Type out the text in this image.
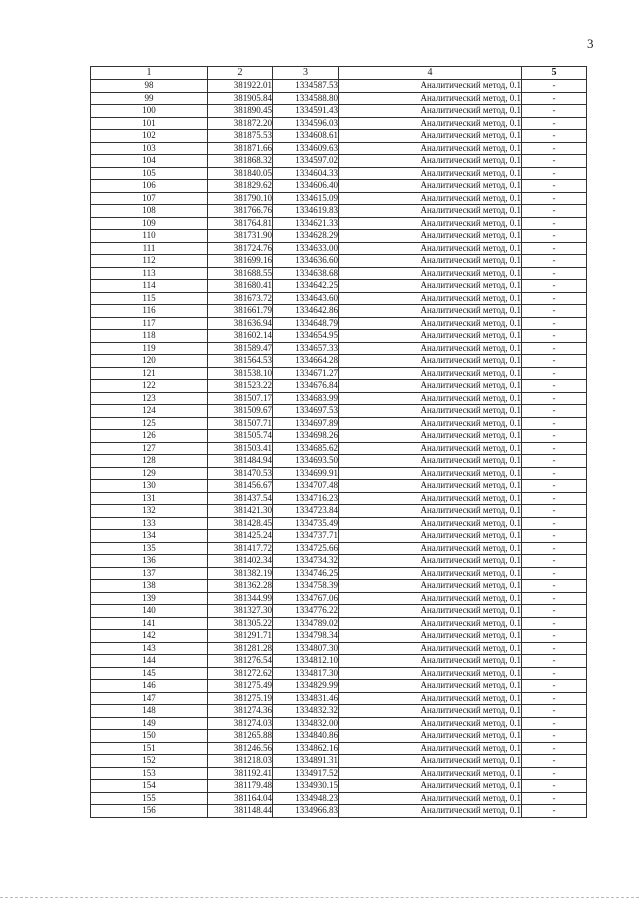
3
1	2	3	4	5
98	381922.01	1334587.53	Аналитический метод, 0.1	-
99	381905.84	1334588.80	Аналитический метод, 0.1	-
100	381890.45	1334591.43	Аналитический метод, 0.1	-
101	381872.20	1334596.03	Аналитический метод, 0.1	-
102	381875.53	1334608.61	Аналитический метод, 0.1	-
103	381871.66	1334609.63	Аналитический метод, 0.1	-
104	381868.32	1334597.02	Аналитический метод, 0.1	-
105	381840.05	1334604.33	Аналитический метод, 0.1	-
106	381829.62	1334606.40	Аналитический метод, 0.1	-
107	381790.10	1334615.09	Аналитический метод, 0.1	-
108	381766.76	1334619.83	Аналитический метод, 0.1	-
109	381764.81	1334621.33	Аналитический метод, 0.1	-
110	381731.90	1334628.29	Аналитический метод, 0.1	-
111	381724.76	1334633.00	Аналитический метод, 0.1	-
112	381699.16	1334636.60	Аналитический метод, 0.1	-
113	381688.55	1334638.68	Аналитический метод, 0.1	-
114	381680.41	1334642.25	Аналитический метод, 0.1	-
115	381673.72	1334643.60	Аналитический метод, 0.1	-
116	381661.79	1334642.86	Аналитический метод, 0.1	-
117	381636.94	1334648.79	Аналитический метод, 0.1	-
118	381602.14	1334654.95	Аналитический метод, 0.1	-
119	381589.47	1334657.33	Аналитический метод, 0.1	-
120	381564.53	1334664.28	Аналитический метод, 0.1	-
121	381538.10	1334671.27	Аналитический метод, 0.1	-
122	381523.22	1334676.84	Аналитический метод, 0.1	-
123	381507.17	1334683.99	Аналитический метод, 0.1	-
124	381509.67	1334697.53	Аналитический метод, 0.1	-
125	381507.71	1334697.89	Аналитический метод, 0.1	-
126	381505.74	1334698.26	Аналитический метод, 0.1	-
127	381503.41	1334685.62	Аналитический метод, 0.1	-
128	381484.94	1334693.50	Аналитический метод, 0.1	-
129	381470.53	1334699.91	Аналитический метод, 0.1	-
130	381456.67	1334707.48	Аналитический метод, 0.1	-
131	381437.54	1334716.23	Аналитический метод, 0.1	-
132	381421.30	1334723.84	Аналитический метод, 0.1	-
133	381428.45	1334735.49	Аналитический метод, 0.1	-
134	381425.24	1334737.71	Аналитический метод, 0.1	-
135	381417.72	1334725.66	Аналитический метод, 0.1	-
136	381402.34	1334734.32	Аналитический метод, 0.1	-
137	381382.19	1334746.25	Аналитический метод, 0.1	-
138	381362.28	1334758.39	Аналитический метод, 0.1	-
139	381344.99	1334767.06	Аналитический метод, 0.1	-
140	381327.30	1334776.22	Аналитический метод, 0.1	-
141	381305.22	1334789.02	Аналитический метод, 0.1	-
142	381291.71	1334798.34	Аналитический метод, 0.1	-
143	381281.28	1334807.30	Аналитический метод, 0.1	-
144	381276.54	1334812.10	Аналитический метод, 0.1	-
145	381272.62	1334817.30	Аналитический метод, 0.1	-
146	381275.49	1334829.99	Аналитический метод, 0.1	-
147	381275.19	1334831.46	Аналитический метод, 0.1	-
148	381274.36	1334832.32	Аналитический метод, 0.1	-
149	381274.03	1334832.00	Аналитический метод, 0.1	-
150	381265.88	1334840.86	Аналитический метод, 0.1	-
151	381246.56	1334862.16	Аналитический метод, 0.1	-
152	381218.03	1334891.31	Аналитический метод, 0.1	-
153	381192.41	1334917.52	Аналитический метод, 0.1	-
154	381179.48	1334930.15	Аналитический метод, 0.1	-
155	381164.04	1334948.23	Аналитический метод, 0.1	-
156	381148.44	1334966.83	Аналитический метод, 0.1	-
